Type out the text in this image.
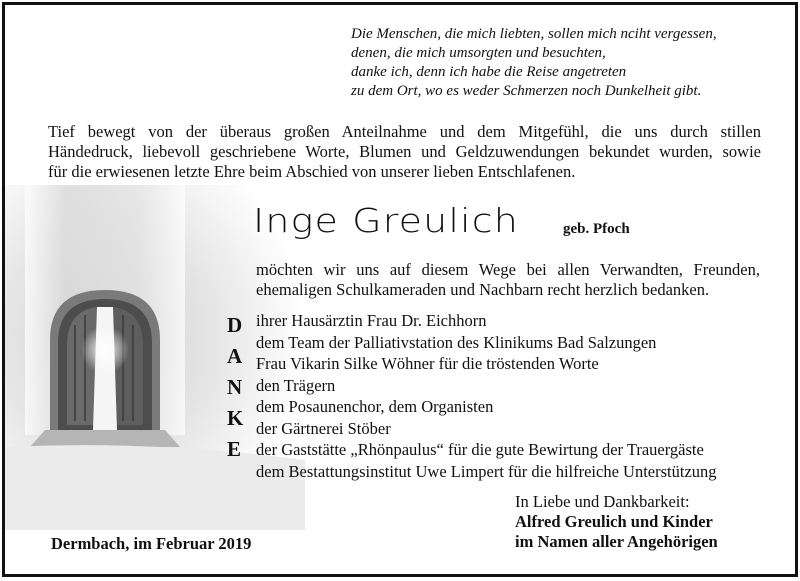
Die Menschen, die mich liebten, sollen mich nciht vergessen,
denen, die mich umsorgten und besuchten,
danke ich, denn ich habe die Reise angetreten
zu dem Ort, wo es weder Schmerzen noch Dunkelheit gibt.
Tief bewegt von der überaus großen Anteilnahme und dem Mitgefühl, die uns durch stillen
Händedruck, liebevoll geschriebene Worte, Blumen und Geldzuwendungen bekundet wurden, sowie
für die erwiesenen letzte Ehre beim Abschied von unserer lieben Entschlafenen.
Inge Greulich	geb. Pfoch
möchten wir uns auf diesem Wege bei allen Verwandten, Freunden,
ehemaligen Schulkameraden und Nachbarn recht herzlich bedanken.
D
A
N
K
E
ihrer Hausärztin Frau Dr. Eichhorn
dem Team der Palliativstation des Klinikums Bad Salzungen
Frau Vikarin Silke Wöhner für die tröstenden Worte
den Trägern
dem Posaunenchor, dem Organisten
der Gärtnerei Stöber
der Gaststätte „Rhönpaulus“ für die gute Bewirtung der Trauergäste
dem Bestattungsinstitut Uwe Limpert für die hilfreiche Unterstützung
In Liebe und Dankbarkeit:
Alfred Greulich und Kinder
im Namen aller Angehörigen
Dermbach, im Februar 2019
